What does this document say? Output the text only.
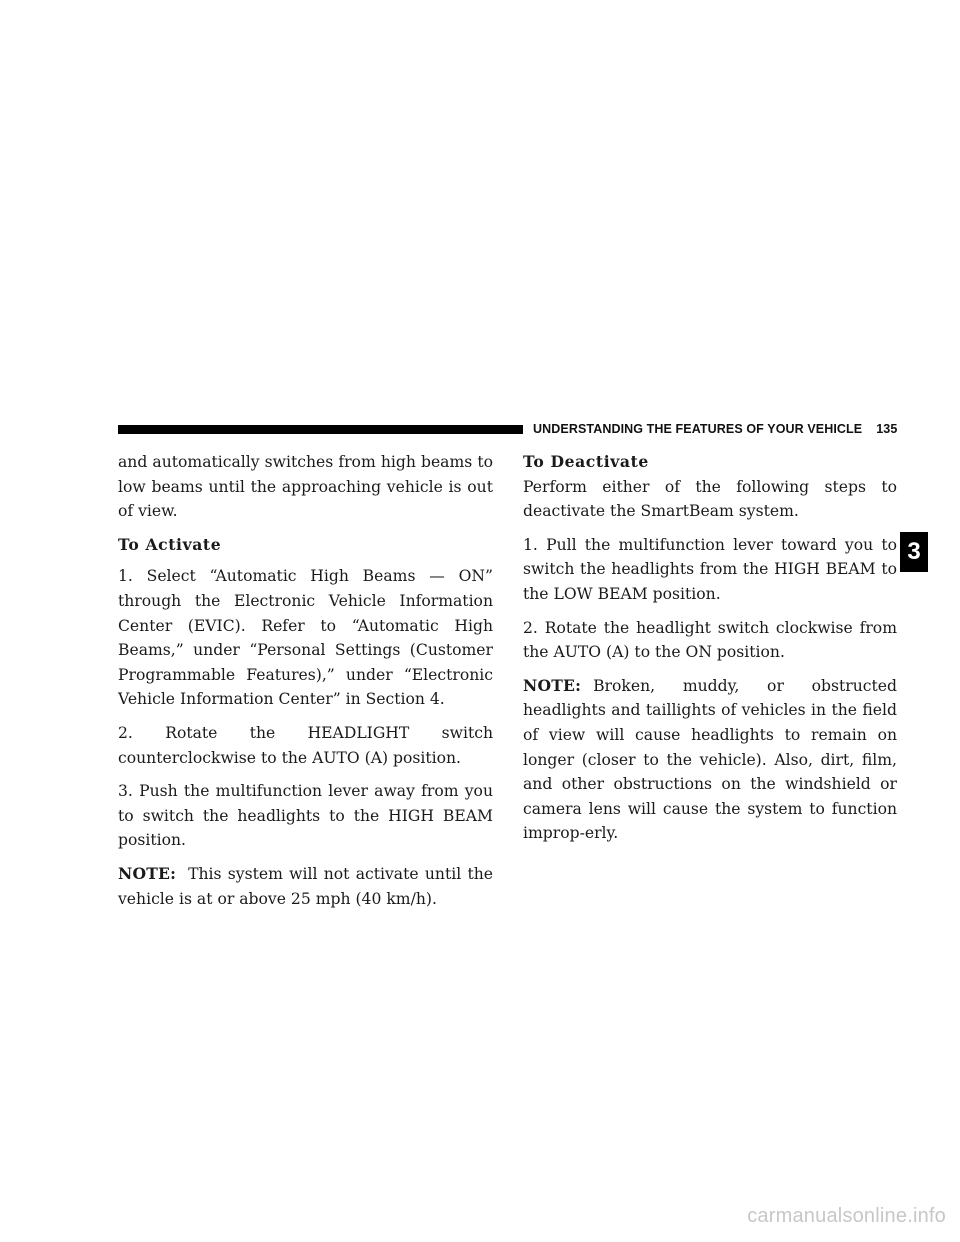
UNDERSTANDING THE FEATURES OF YOUR VEHICLE 135

and automatically switches from high beams to low beams until the approaching vehicle is out of view.

To Activate

1. Select “Automatic High Beams — ON” through the Electronic Vehicle Information Center (EVIC). Refer to “Automatic High Beams,” under “Personal Settings (Customer Programmable Features),” under “Electronic Vehicle Information Center” in Section 4.

2. Rotate the HEADLIGHT switch counterclockwise to the AUTO (A) position.

3. Push the multifunction lever away from you to switch the headlights to the HIGH BEAM position.

NOTE: This system will not activate until the vehicle is at or above 25 mph (40 km/h).

To Deactivate

Perform either of the following steps to deactivate the SmartBeam system.

1. Pull the multifunction lever toward you to switch the headlights from the HIGH BEAM to the LOW BEAM position.

2. Rotate the headlight switch clockwise from the AUTO (A) to the ON position.

NOTE: Broken, muddy, or obstructed headlights and taillights of vehicles in the field of view will cause headlights to remain on longer (closer to the vehicle). Also, dirt, film, and other obstructions on the windshield or camera lens will cause the system to function improp-erly.

3
carmanualsonline.info
